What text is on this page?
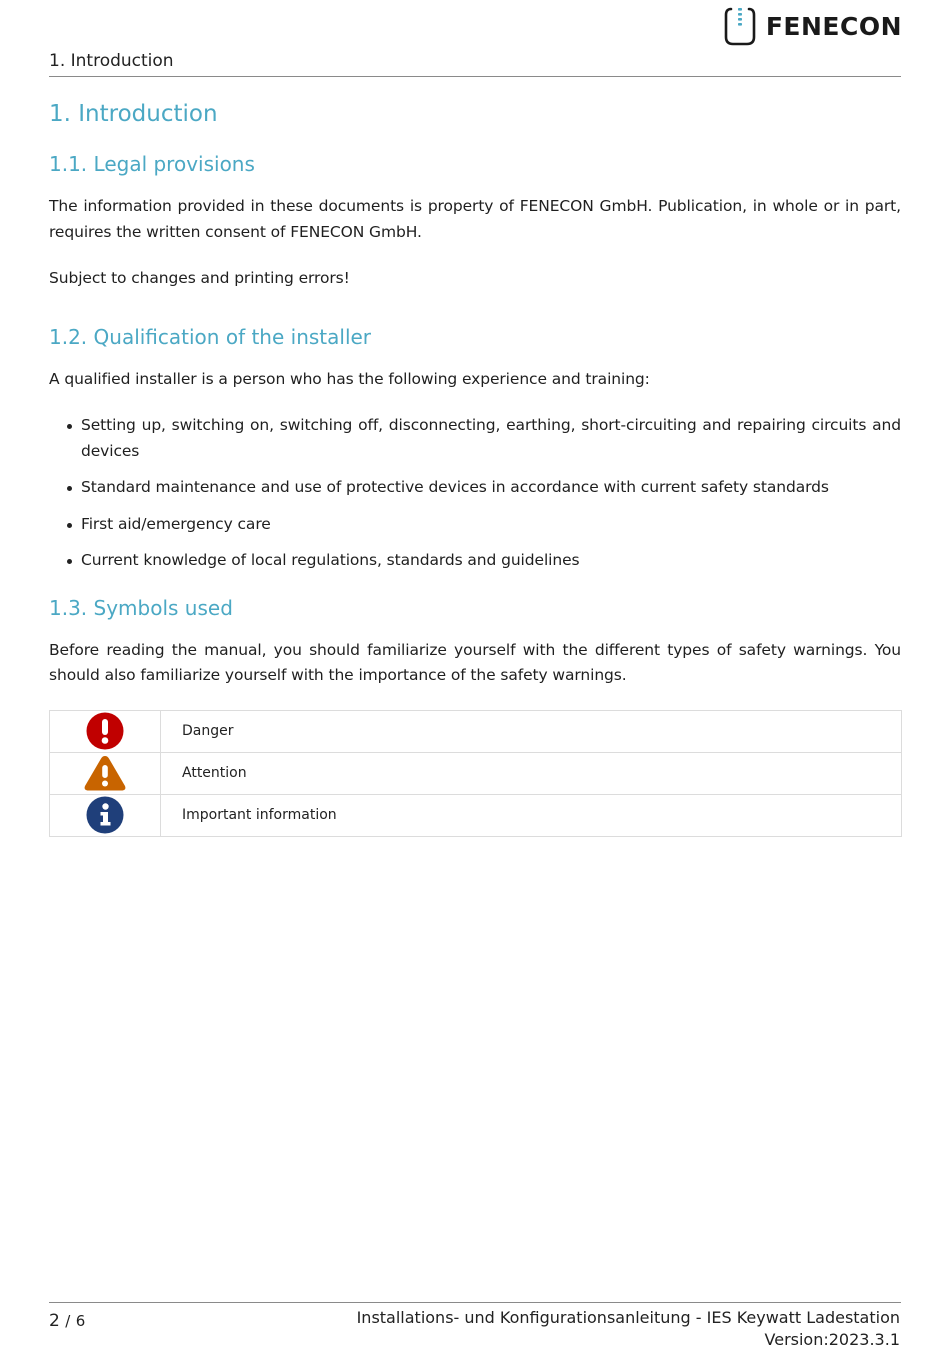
FENECON
1. Introduction
1. Introduction
1.1. Legal provisions

The information provided in these documents is property of FENECON GmbH. Publication, in whole or in part, requires the written consent of FENECON GmbH.

Subject to changes and printing errors!

1.2. Qualification of the installer

A qualified installer is a person who has the following experience and training:

Setting up, switching on, switching off, disconnecting, earthing, short-circuiting and repairing circuits and devices
Standard maintenance and use of protective devices in accordance with current safety standards
First aid/emergency care
Current knowledge of local regulations, standards and guidelines
1.3. Symbols used

Before reading the manual, you should familiarize yourself with the different types of safety warnings. You should also familiarize yourself with the importance of the safety warnings.

	Danger

	Attention

	Important information
2 / 6	Installations- und Konfigurationsanleitung - IES Keywatt Ladestation
Version:2023.3.1
